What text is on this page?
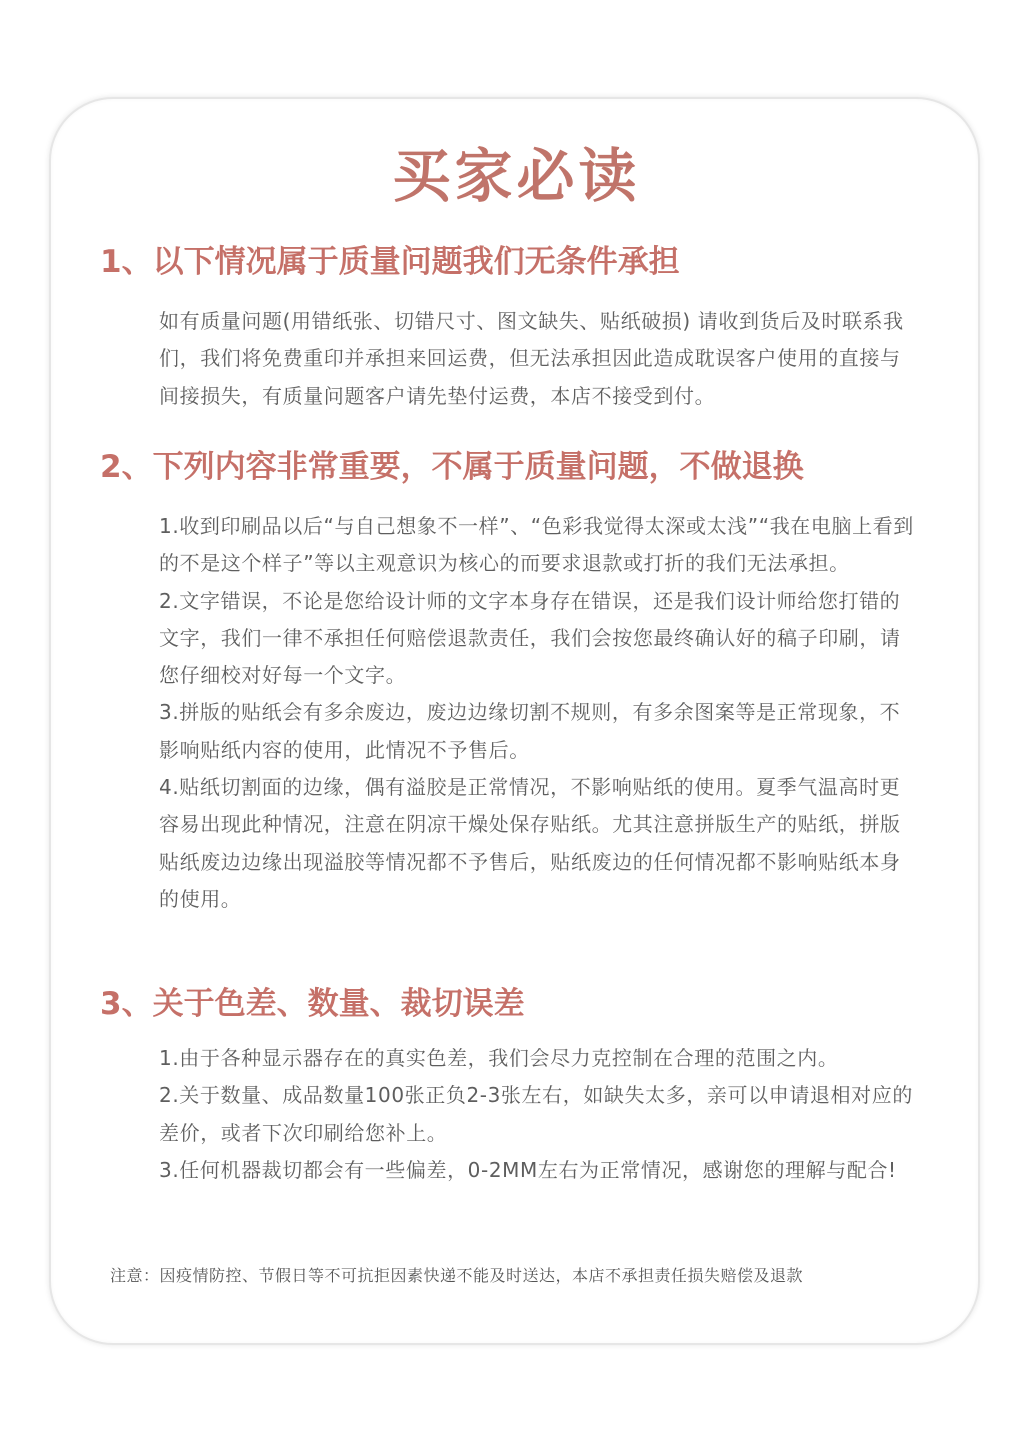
买家必读
1、以下情况属于质量问题我们无条件承担

如有质量问题(用错纸张、切错尺寸、图文缺失、贴纸破损) 请收到货后及时联系我们，我们将免费重印并承担来回运费，但无法承担因此造成耽误客户使用的直接与间接损失，有质量问题客户请先垫付运费，本店不接受到付。

2、下列内容非常重要，不属于质量问题，不做退换

1.收到印刷品以后“与自己想象不一样”、“色彩我觉得太深或太浅”“我在电脑上看到的不是这个样子”等以主观意识为核心的而要求退款或打折的我们无法承担。

2.文字错误，不论是您给设计师的文字本身存在错误，还是我们设计师给您打错的文字，我们一律不承担任何赔偿退款责任，我们会按您最终确认好的稿子印刷，请您仔细校对好每一个文字。

3.拼版的贴纸会有多余废边，废边边缘切割不规则，有多余图案等是正常现象，不影响贴纸内容的使用，此情况不予售后。

4.贴纸切割面的边缘，偶有溢胶是正常情况，不影响贴纸的使用。夏季气温高时更容易出现此种情况，注意在阴凉干燥处保存贴纸。尤其注意拼版生产的贴纸，拼版贴纸废边边缘出现溢胶等情况都不予售后，贴纸废边的任何情况都不影响贴纸本身的使用。

3、关于色差、数量、裁切误差

1.由于各种显示器存在的真实色差，我们会尽力克控制在合理的范围之内。

2.关于数量、成品数量100张正负2-3张左右，如缺失太多，亲可以申请退相对应的差价，或者下次印刷给您补上。

3.任何机器裁切都会有一些偏差，0-2MM左右为正常情况，感谢您的理解与配合!

注意：因疫情防控、节假日等不可抗拒因素快递不能及时送达，本店不承担责任损失赔偿及退款
